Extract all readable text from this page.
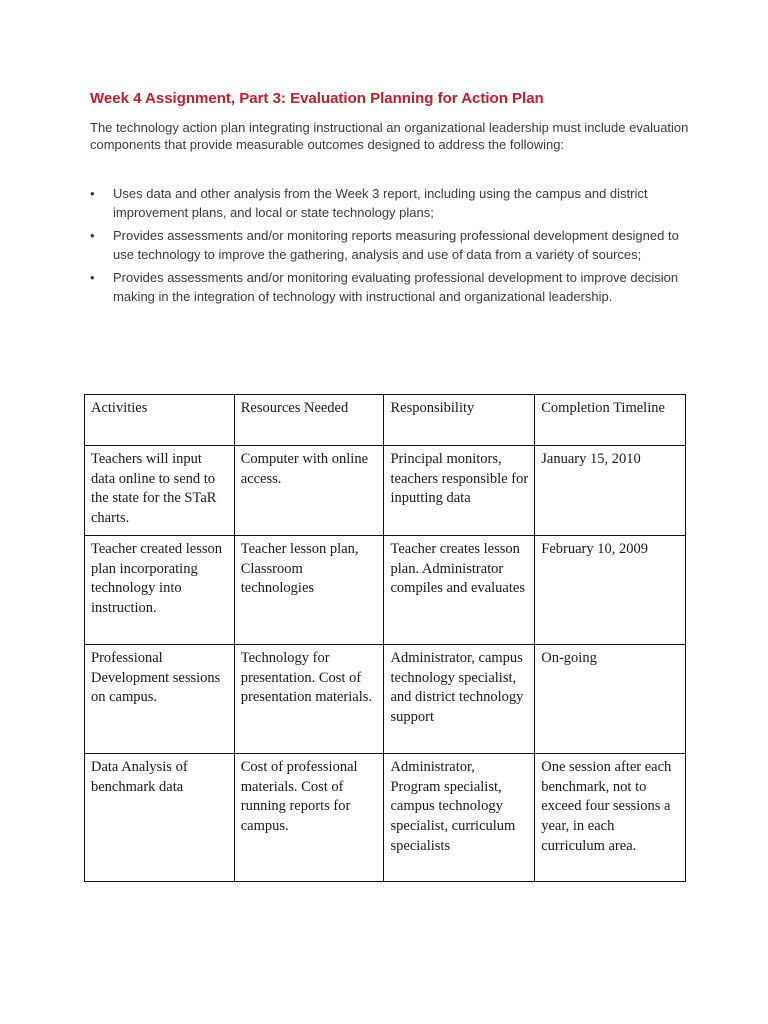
Week 4 Assignment, Part 3: Evaluation Planning for Action Plan

The technology action plan integrating instructional an organizational leadership must include evaluation components that provide measurable outcomes designed to address the following:

• Uses data and other analysis from the Week 3 report, including using the campus and district improvement plans, and local or state technology plans;
• Provides assessments and/or monitoring reports measuring professional development designed to use technology to improve the gathering, analysis and use of data from a variety of sources;
• Provides assessments and/or monitoring evaluating professional development to improve decision making in the integration of technology with instructional and organizational leadership.
Activities	Resources Needed	Responsibility	Completion Timeline
Teachers will input data online to send to the state for the STaR charts.	Computer with online access.	Principal monitors, teachers responsible for inputting data	January 15, 2010
Teacher created lesson plan incorporating technology into instruction.	Teacher lesson plan, Classroom technologies	Teacher creates lesson plan. Administrator compiles and evaluates	February 10, 2009
Professional Development sessions on campus.	Technology for presentation. Cost of presentation materials.	Administrator, campus technology specialist, and district technology support	On-going
Data Analysis of benchmark data	Cost of professional materials. Cost of running reports for campus.	Administrator, Program specialist, campus technology specialist, curriculum specialists	One session after each benchmark, not to exceed four sessions a year, in each curriculum area.
